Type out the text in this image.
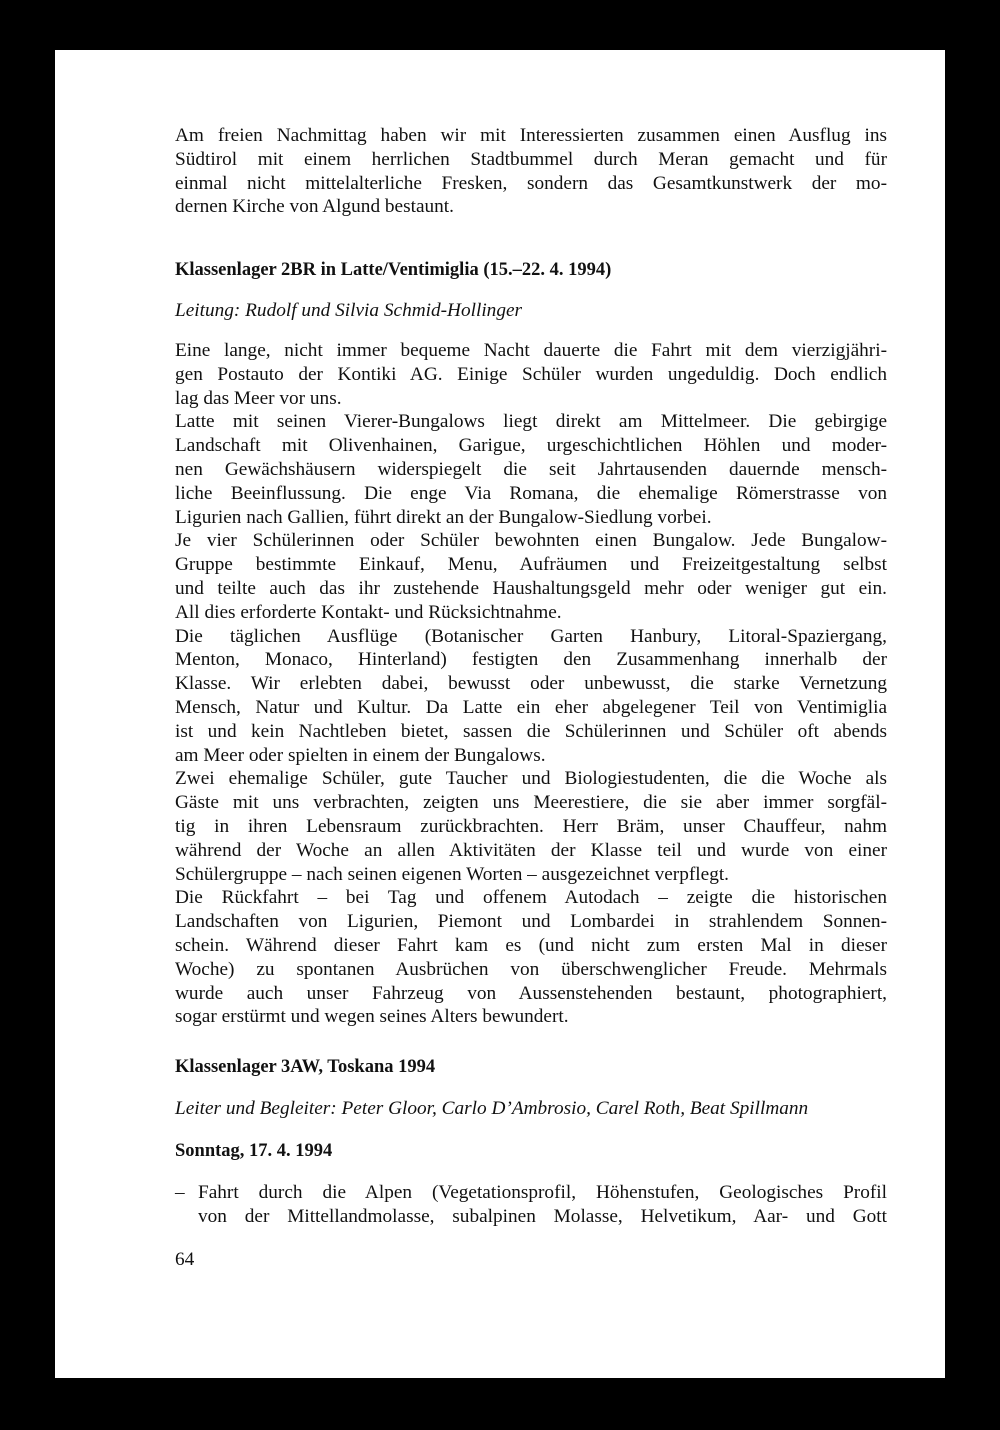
Am freien Nachmittag haben wir mit Interessierten zusammen einen Ausflug ins
Südtirol mit einem herrlichen Stadtbummel durch Meran gemacht und für
einmal nicht mittelalterliche Fresken, sondern das Gesamtkunstwerk der mo-
dernen Kirche von Algund bestaunt.
Klassenlager 2BR in Latte/Ventimiglia (15.–22. 4. 1994)
Leitung: Rudolf und Silvia Schmid-Hollinger
Eine lange, nicht immer bequeme Nacht dauerte die Fahrt mit dem vierzigjähri-
gen Postauto der Kontiki AG. Einige Schüler wurden ungeduldig. Doch endlich
lag das Meer vor uns.
Latte mit seinen Vierer-Bungalows liegt direkt am Mittelmeer. Die gebirgige
Landschaft mit Olivenhainen, Garigue, urgeschichtlichen Höhlen und moder-
nen Gewächshäusern widerspiegelt die seit Jahrtausenden dauernde mensch-
liche Beeinflussung. Die enge Via Romana, die ehemalige Römerstrasse von
Ligurien nach Gallien, führt direkt an der Bungalow-Siedlung vorbei.
Je vier Schülerinnen oder Schüler bewohnten einen Bungalow. Jede Bungalow-
Gruppe bestimmte Einkauf, Menu, Aufräumen und Freizeitgestaltung selbst
und teilte auch das ihr zustehende Haushaltungsgeld mehr oder weniger gut ein.
All dies erforderte Kontakt- und Rücksichtnahme.
Die täglichen Ausflüge (Botanischer Garten Hanbury, Litoral-Spaziergang,
Menton, Monaco, Hinterland) festigten den Zusammenhang innerhalb der
Klasse. Wir erlebten dabei, bewusst oder unbewusst, die starke Vernetzung
Mensch, Natur und Kultur. Da Latte ein eher abgelegener Teil von Ventimiglia
ist und kein Nachtleben bietet, sassen die Schülerinnen und Schüler oft abends
am Meer oder spielten in einem der Bungalows.
Zwei ehemalige Schüler, gute Taucher und Biologiestudenten, die die Woche als
Gäste mit uns verbrachten, zeigten uns Meerestiere, die sie aber immer sorgfäl-
tig in ihren Lebensraum zurückbrachten. Herr Bräm, unser Chauffeur, nahm
während der Woche an allen Aktivitäten der Klasse teil und wurde von einer
Schülergruppe – nach seinen eigenen Worten – ausgezeichnet verpflegt.
Die Rückfahrt – bei Tag und offenem Autodach – zeigte die historischen
Landschaften von Ligurien, Piemont und Lombardei in strahlendem Sonnen-
schein. Während dieser Fahrt kam es (und nicht zum ersten Mal in dieser
Woche) zu spontanen Ausbrüchen von überschwenglicher Freude. Mehrmals
wurde auch unser Fahrzeug von Aussenstehenden bestaunt, photographiert,
sogar erstürmt und wegen seines Alters bewundert.
Klassenlager 3AW, Toskana 1994
Leiter und Begleiter: Peter Gloor, Carlo D’Ambrosio, Carel Roth, Beat Spillmann
Sonntag, 17. 4. 1994
– Fahrt durch die Alpen (Vegetationsprofil, Höhenstufen, Geologisches Profil
von der Mittellandmolasse, subalpinen Molasse, Helvetikum, Aar- und Gott
64
